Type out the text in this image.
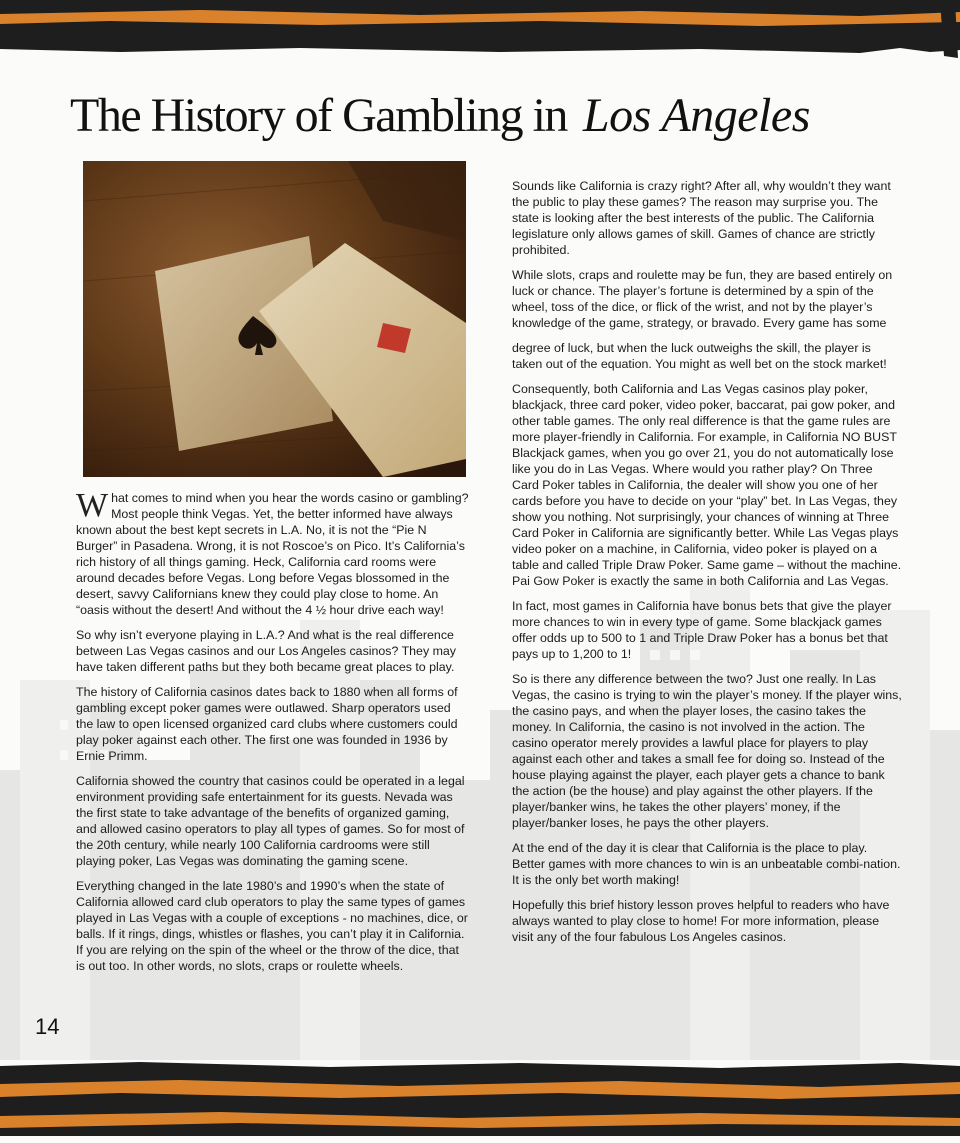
The History of Gambling in Los Angeles

What comes to mind when you hear the words casino or gambling? Most people think Vegas. Yet, the better informed have always known about the best kept secrets in L.A. No, it is not the “Pie N Burger” in Pasadena. Wrong, it is not Roscoe’s on Pico. It’s California’s rich history of all things gaming. Heck, California card rooms were around decades before Vegas. Long before Vegas blossomed in the desert, savvy Californians knew they could play close to home. An “oasis without the desert! And without the 4 ½ hour drive each way!

So why isn’t everyone playing in L.A.? And what is the real difference between Las Vegas casinos and our Los Angeles casinos? They may have taken different paths but they both became great places to play.

The history of California casinos dates back to 1880 when all forms of gambling except poker games were outlawed. Sharp operators used the law to open licensed organized card clubs where customers could play poker against each other. The first one was founded in 1936 by Ernie Primm.

California showed the country that casinos could be operated in a legal environment providing safe entertainment for its guests. Nevada was the first state to take advantage of the benefits of organized gaming, and allowed casino operators to play all types of games. So for most of the 20th century, while nearly 100 California cardrooms were still playing poker, Las Vegas was dominating the gaming scene.

Everything changed in the late 1980’s and 1990’s when the state of California allowed card club operators to play the same types of games played in Las Vegas with a couple of exceptions - no machines, dice, or balls. If it rings, dings, whistles or flashes, you can’t play it in California. If you are relying on the spin of the wheel or the throw of the dice, that is out too. In other words, no slots, craps or roulette wheels.

Sounds like California is crazy right? After all, why wouldn’t they want the public to play these games? The reason may surprise you. The state is looking after the best interests of the public. The California legislature only allows games of skill. Games of chance are strictly prohibited.

While slots, craps and roulette may be fun, they are based entirely on luck or chance. The player’s fortune is determined by a spin of the wheel, toss of the dice, or flick of the wrist, and not by the player’s knowledge of the game, strategy, or bravado. Every game has some

degree of luck, but when the luck outweighs the skill, the player is taken out of the equation. You might as well bet on the stock market!

Consequently, both California and Las Vegas casinos play poker, blackjack, three card poker, video poker, baccarat, pai gow poker, and other table games. The only real difference is that the game rules are more player-friendly in California. For example, in California NO BUST Blackjack games, when you go over 21, you do not automatically lose like you do in Las Vegas. Where would you rather play? On Three Card Poker tables in California, the dealer will show you one of her cards before you have to decide on your “play” bet. In Las Vegas, they show you nothing. Not surprisingly, your chances of winning at Three Card Poker in California are significantly better. While Las Vegas plays video poker on a machine, in California, video poker is played on a table and called Triple Draw Poker. Same game – without the machine. Pai Gow Poker is exactly the same in both California and Las Vegas.

In fact, most games in California have bonus bets that give the player more chances to win in every type of game. Some blackjack games offer odds up to 500 to 1 and Triple Draw Poker has a bonus bet that pays up to 1,200 to 1!

So is there any difference between the two? Just one really. In Las Vegas, the casino is trying to win the player’s money. If the player wins, the casino pays, and when the player loses, the casino takes the money. In California, the casino is not involved in the action. The casino operator merely provides a lawful place for players to play against each other and takes a small fee for doing so. Instead of the house playing against the player, each player gets a chance to bank the action (be the house) and play against the other players. If the player/banker wins, he takes the other players’ money, if the player/banker loses, he pays the other players.

At the end of the day it is clear that California is the place to play. Better games with more chances to win is an unbeatable combi-nation. It is the only bet worth making!

Hopefully this brief history lesson proves helpful to readers who have always wanted to play close to home! For more information, please visit any of the four fabulous Los Angeles casinos.

14
